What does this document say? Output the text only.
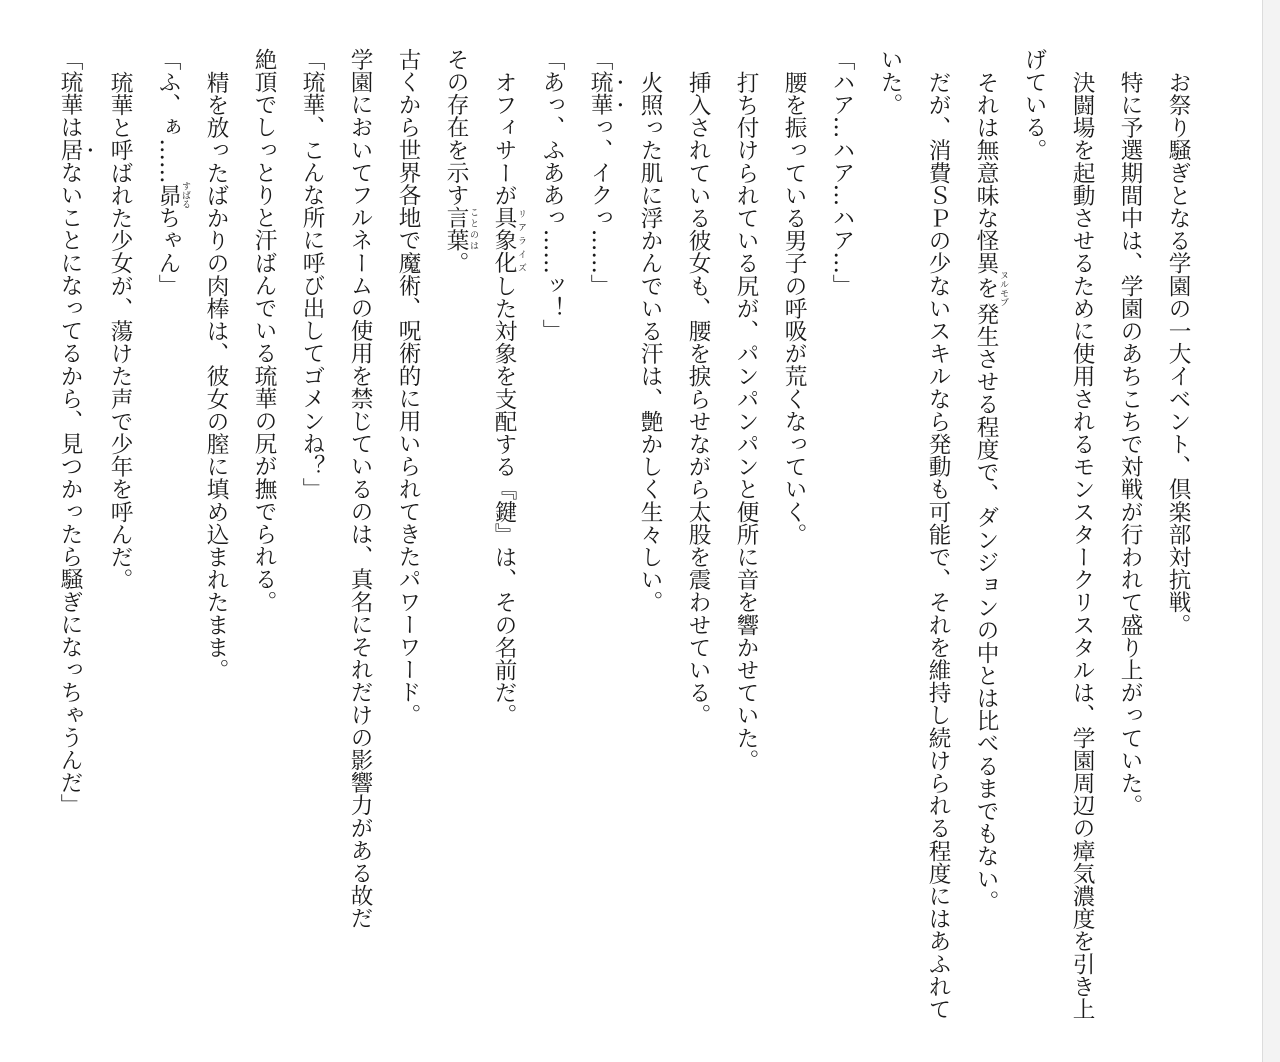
お祭り騒ぎとなる学園の一大イベント、倶楽部対抗戦。

特に予選期間中は、学園のあちこちで対戦が行われて盛り上がっていた。

決闘場を起動させるために使用されるモンスタークリスタルは、学園周辺の瘴気濃度を引き上げている。

それは無意味な怪異を ヌルモブ発生させる程度で、ダンジョンの中とは比べるまでもない。

だが、消費ＳＰの少ないスキルなら発動も可能で、それを維持し続けられる程度にはあふれていた。

「ハア…ハア…ハア…」

腰を振っている男子の呼吸が荒くなっていく。

打ち付けられている尻が、パンパンパンと便所に音を響かせていた。

挿入されている彼女も、腰を捩らせながら太股を震わせている。

火照った肌に浮かんでいる汗は、艶かしく生々しい。

「琉華っ、イクっ……」

「あっ、ふああっ……ッ！」

オフィサーが具象化 リアライズした対象を支配する『鍵』は、その名前だ。

その存在を示す言葉 ことのは。

古くから世界各地で魔術、呪術的に用いられてきたパワーワード。

学園においてフルネームの使用を禁じているのは、真名にそれだけの影響力がある故だ

「琉華、こんな所に呼び出してゴメンね？」

絶頂でしっとりと汗ばんでいる琉華の尻が撫でられる。

精を放ったばかりの肉棒は、彼女の膣に填め込まれたまま。

「ふ、ぁ……昴 すばるちゃん」

琉華と呼ばれた少女が、蕩けた声で少年を呼んだ。

「琉華は居ないことになってるから、見つかったら騒ぎになっちゃうんだ」
